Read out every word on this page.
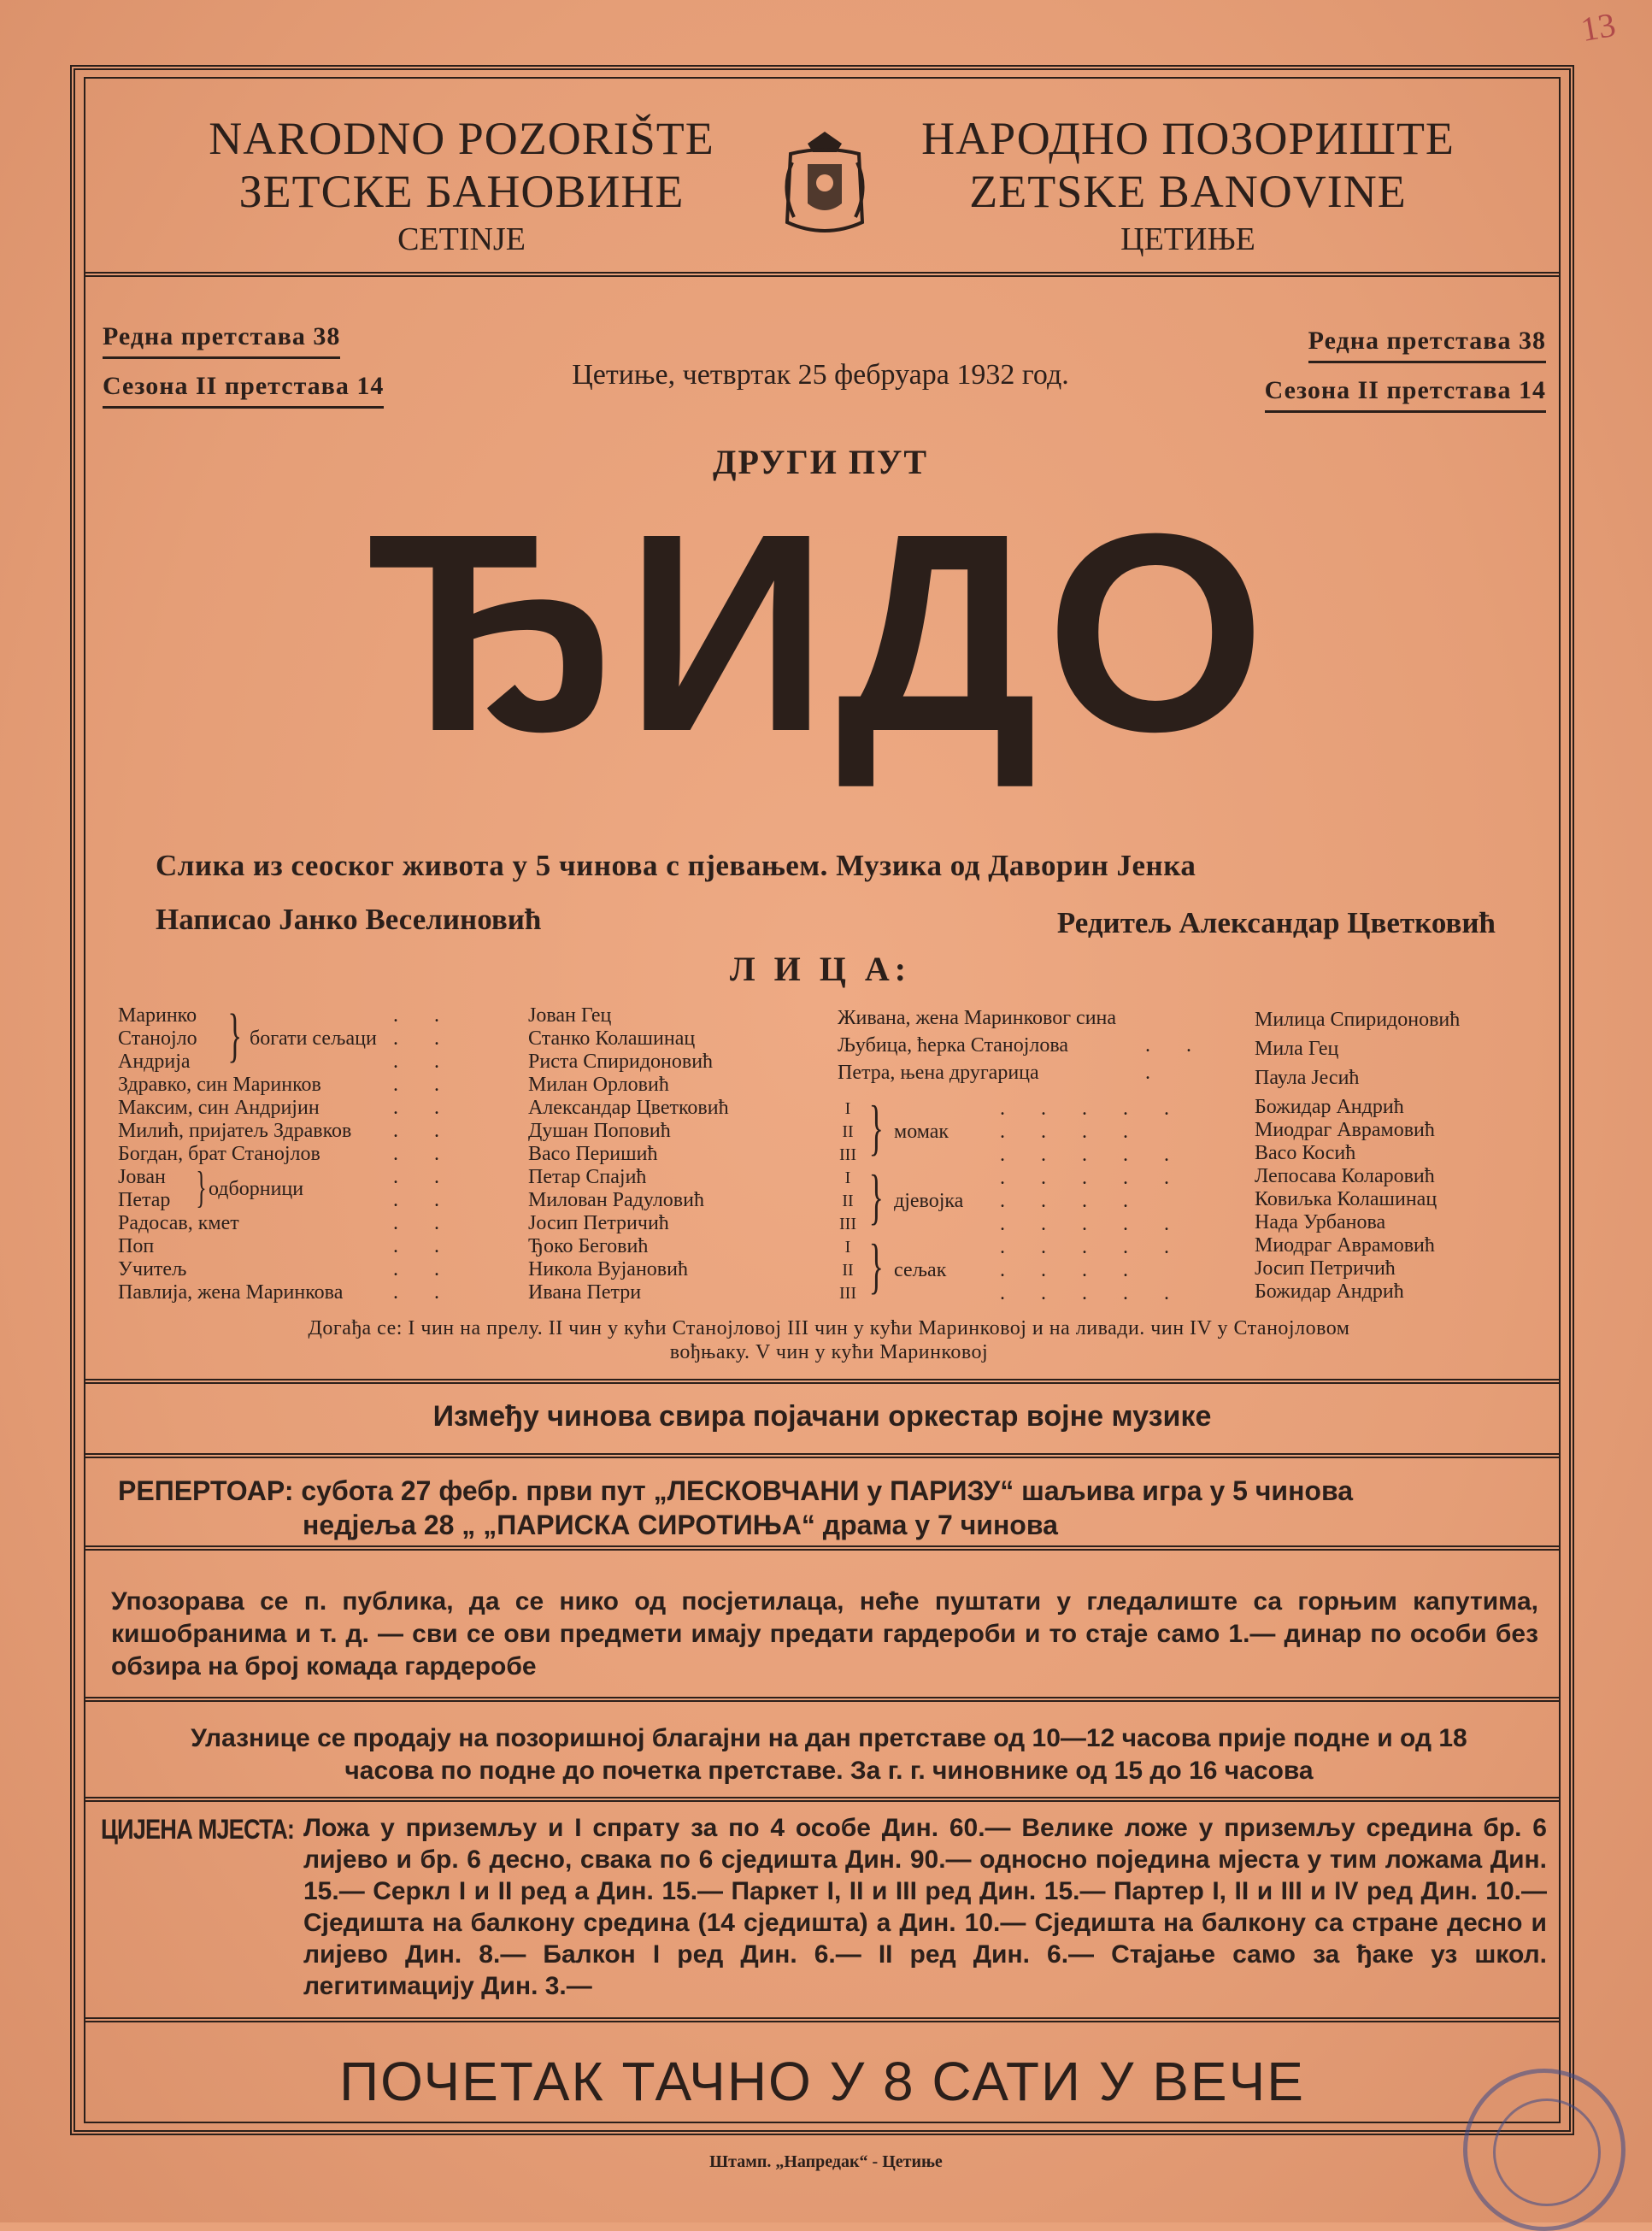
13
NARODNO POZORIŠTE
ЗЕТСКЕ БАНОВИНЕ
CETINJE
НАРОДНО ПОЗОРИШТЕ
ZETSKE BANOVINE
ЦЕТИЊЕ
Редна претстава 38
Сезона II претстава 14
Редна претстава 38
Сезона II претстава 14
Цетиње, четвртак 25 фебруара 1932 год.
ДРУГИ ПУТ
ЂИДО
Слика из сеоског живота у 5 чинова с пјевањем. Музика од Даворин Јенка
Написао Јанко Веселиновић	Редитељ Александар Цветковић
Л И Ц А:
Маринко
Станојло
Андрија
Здравко, син Маринков
Максим, син Андријин
Милић, пријатељ Здравков
Богдан, брат Станојлов
Јован
Петар
Радосав, кмет
Поп
Учитељ
Павлија, жена Маринкова
} богати сељаци
} одборници
.   .
.   .
.   .
.   .
.   .
.   .
.   .
.   .
.   .
.   .
.   .
.   .
.   .
Јован Гец
Станко Колашинац
Риста Спиридоновић
Милан Орловић
Александар Цветковић
Душан Поповић
Васо Перишић
Петар Спајић
Милован Радуловић
Јосип Петричић
Ђоко Беговић
Никола Вујановић
Ивана Петри
Живана, жена Маринковог сина
Љубица, ћерка Станојлова
Петра, њена другарица
.   .
.
I
II
III
I
II
III
I
II
III
}
}
}
момак
дјевојка
сељак
.   .   .   .   .
.   .   .   .
.   .   .   .   .
.   .   .   .   .
.   .   .   .
.   .   .   .   .
.   .   .   .   .
.   .   .   .
.   .   .   .   .
Милица Спиридоновић
Мила Гец
Паула Јесић
Божидар Андрић
Миодраг Аврамовић
Васо Косић
Лепосава Коларовић
Ковиљка Колашинац
Нада Урбанова
Миодраг Аврамовић
Јосип Петричић
Божидар Андрић
Догађа се: I чин на прелу. II чин у кући Станојловој III чин у кући Маринковој и на ливади. чин IV у Станојловом
вођњаку. V чин у кући Маринковој
Између чинова свира појачани оркестар војне музике
РЕПЕРТОАР: субота 27 фебр. први пут „ЛЕСКОВЧАНИ у ПАРИЗУ“ шаљива игра у 5 чинова
недјеља 28 „ „ПАРИСКА СИРОТИЊА“ драма у 7 чинова
Упозорава се п. публика, да се нико од посјетилаца, неће пуштати у гледалиште са горњим капутима, кишобранима и т. д. — сви се ови предмети имају предати гардероби и то стаје само 1.— динар по особи без обзира на број комада гардеробе
Улазнице се продају на позоришној благајни на дан претставе од 10—12 часова прије подне и од 18 часова по подне до почетка претставе. За г. г. чиновнике од 15 до 16 часова
ЦИЈЕНА МЈЕСТА: Ложа у приземљу и I спрату за по 4 особе Дин. 60.— Велике ложе у приземљу средина бр. 6 лијево и бр. 6 десно, свака по 6 сједишта Дин. 90.— односно поједина мјеста у тим ложама Дин. 15.— Серкл I и II ред а Дин. 15.— Паркет I, II и III ред Дин. 15.— Партер I, II и III и IV ред Дин. 10.— Сједишта на балкону средина (14 сједишта) а Дин. 10.— Сједишта на балкону са стране десно и лијево Дин. 8.— Балкон I ред Дин. 6.— II ред Дин. 6.— Стајање само за ђаке уз школ. легитимацију Дин. 3.—
ПОЧЕТАК ТАЧНО У 8 САТИ У ВЕЧЕ
Штамп. „Напредак“ - Цетиње
